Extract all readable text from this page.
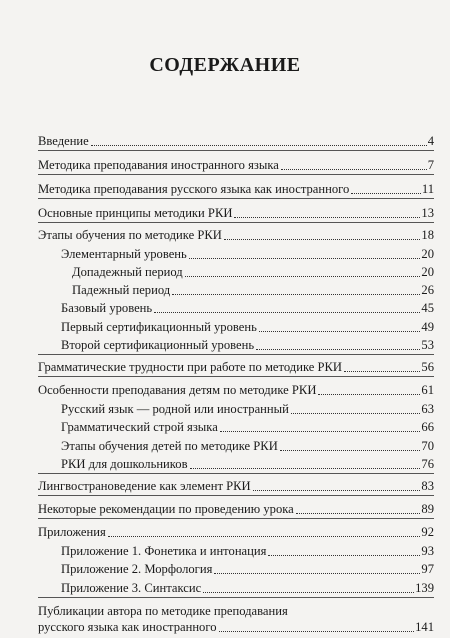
СОДЕРЖАНИЕ
Введение	4
Методика преподавания иностранного языка	7
Методика преподавания русского языка как иностранного	11
Основные принципы методики РКИ	13
Этапы обучения по методике РКИ	18
Элементарный уровень	20
Допадежный период	20
Падежный период	26
Базовый уровень	45
Первый сертификационный уровень	49
Второй сертификационный уровень	53
Грамматические трудности при работе по методике РКИ	56
Особенности преподавания детям по методике РКИ	61
Русский язык — родной или иностранный	63
Грамматический строй языка	66
Этапы обучения детей по методике РКИ	70
РКИ для дошкольников	76
Лингвострановедение как элемент РКИ	83
Некоторые рекомендации по проведению урока	89
Приложения	92
Приложение 1. Фонетика и интонация	93
Приложение 2. Морфология	97
Приложение 3. Синтаксис	139
Публикации автора по методике преподавания
русского языка как иностранного	141
